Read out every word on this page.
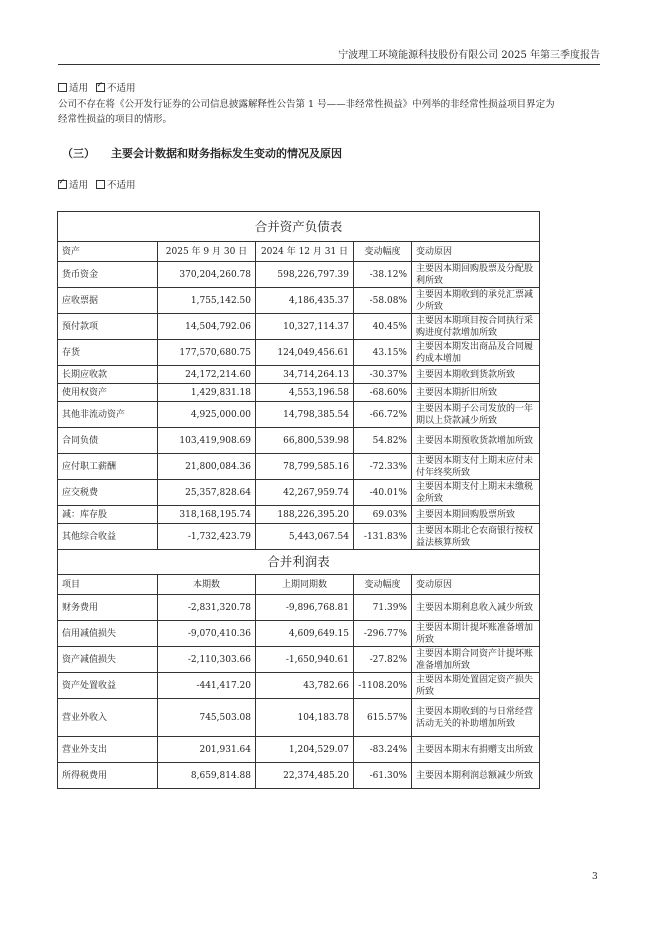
宁波理工环境能源科技股份有限公司 2025 年第三季度报告
适用 ✓ 不适用
公司不存在将《公开发行证券的公司信息披露解释性公告第 1 号——非经常性损益》中列举的非经常性损益项目界定为
经常性损益的项目的情形。
（三） 主要会计数据和财务指标发生变动的情况及原因
✓适用 不适用
合并资产负债表				
资产	2025 年 9 月 30 日	2024 年 12 月 31 日	变动幅度	变动原因
货币资金	370,204,260.78	598,226,797.39	-38.12%	主要因本期回购股票及分配股利所致
应收票据	1,755,142.50	4,186,435.37	-58.08%	主要因本期收到的承兑汇票减少所致
预付款项	14,504,792.06	10,327,114.37	40.45%	主要因本期项目按合同执行采购进度付款增加所致
存货	177,570,680.75	124,049,456.61	43.15%	主要因本期发出商品及合同履约成本增加
长期应收款	24,172,214.60	34,714,264.13	-30.37%	主要因本期收到货款所致
使用权资产	1,429,831.18	4,553,196.58	-68.60%	主要因本期折旧所致
其他非流动资产	4,925,000.00	14,798,385.54	-66.72%	主要因本期子公司发放的一年期以上贷款减少所致
合同负债	103,419,908.69	66,800,539.98	54.82%	主要因本期预收货款增加所致
应付职工薪酬	21,800,084.36	78,799,585.16	-72.33%	主要因本期支付上期末应付未付年终奖所致
应交税费	25,357,828.64	42,267,959.74	-40.01%	主要因本期支付上期末未缴税金所致
减：库存股	318,168,195.74	188,226,395.20	69.03%	主要因本期回购股票所致
其他综合收益	-1,732,423.79	5,443,067.54	-131.83%	主要因本期北仑农商银行按权益法核算所致
合并利润表				
项目	本期数	上期同期数	变动幅度	变动原因
财务费用	-2,831,320.78	-9,896,768.81	71.39%	主要因本期利息收入减少所致
信用减值损失	-9,070,410.36	4,609,649.15	-296.77%	主要因本期计提坏账准备增加所致
资产减值损失	-2,110,303.66	-1,650,940.61	-27.82%	主要因本期合同资产计提坏账准备增加所致
资产处置收益	-441,417.20	43,782.66	-1108.20%	主要因本期处置固定资产损失所致
营业外收入	745,503.08	104,183.78	615.57%	主要因本期收到的与日常经营活动无关的补助增加所致
营业外支出	201,931.64	1,204,529.07	-83.24%	主要因本期末有捐赠支出所致
所得税费用	8,659,814.88	22,374,485.20	-61.30%	主要因本期利润总额减少所致
3
